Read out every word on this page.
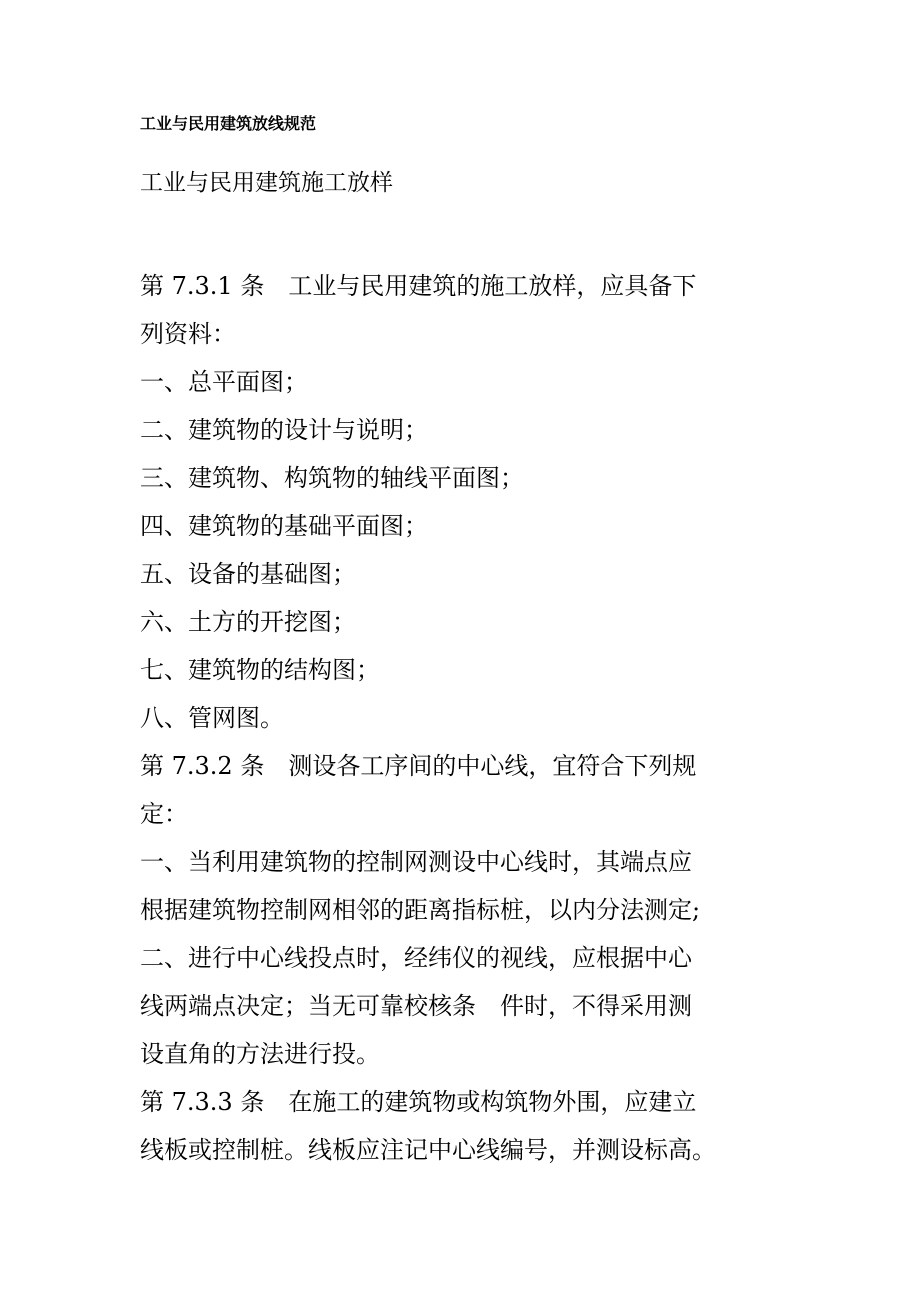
工业与民用建筑放线规范
工业与民用建筑施工放样
第 7.3.1 条　工业与民用建筑的施工放样，应具备下
列资料：
一、总平面图；
二、建筑物的设计与说明；
三、建筑物、构筑物的轴线平面图；
四、建筑物的基础平面图；
五、设备的基础图；
六、土方的开挖图；
七、建筑物的结构图；
八、管网图。
第 7.3.2 条　测设各工序间的中心线，宜符合下列规
定：
一、当利用建筑物的控制网测设中心线时，其端点应
根据建筑物控制网相邻的距离指标桩，以内分法测定;
二、进行中心线投点时，经纬仪的视线，应根据中心
线两端点决定；当无可靠校核条　件时，不得采用测
设直角的方法进行投。
第 7.3.3 条　在施工的建筑物或构筑物外围，应建立
线板或控制桩。线板应注记中心线编号，并测设标高。
